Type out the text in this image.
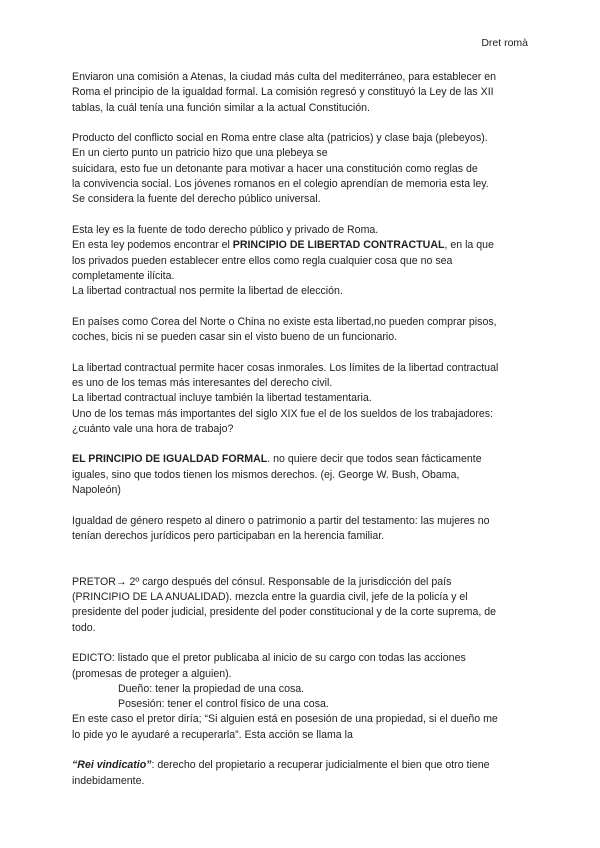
Dret romà

Enviaron una comisión a Atenas, la ciudad más culta del mediterráneo, para establecer en

Roma el principio de la igualdad formal. La comisión regresó y constituyó la Ley de las XII

tablas, la cuál tenía una función similar a la actual Constitución.

Producto del conflicto social en Roma entre clase alta (patricios) y clase baja (plebeyos).

En un cierto punto un patricio hizo que una plebeya se

suicidara, esto fue un detonante para motivar a hacer una constitución como reglas de

la convivencia social. Los jóvenes romanos en el colegio aprendían de memoria esta ley.

Se considera la fuente del derecho público universal.

Esta ley es la fuente de todo derecho público y privado de Roma.

En esta ley podemos encontrar el PRINCIPIO DE LIBERTAD CONTRACTUAL, en la que

los privados pueden establecer entre ellos como regla cualquier cosa que no sea

completamente ilícita.

La libertad contractual nos permite la libertad de elección.

En países como Corea del Norte o China no existe esta libertad,no pueden comprar pisos,

coches, bicis ni se pueden casar sin el visto bueno de un funcionario.

La libertad contractual permite hacer cosas inmorales. Los límites de la libertad contractual

es uno de los temas más interesantes del derecho civil.

La libertad contractual incluye también la libertad testamentaria.

Uno de los temas más importantes del siglo XIX fue el de los sueldos de los trabajadores:

¿cuánto vale una hora de trabajo?

EL PRINCIPIO DE IGUALDAD FORMAL. no quiere decir que todos sean fácticamente

iguales, sino que todos tienen los mismos derechos. (ej. George W. Bush, Obama,

Napoleón)

Igualdad de género respeto al dinero o patrimonio a partir del testamento: las mujeres no

tenían derechos jurídicos pero participaban en la herencia familiar.

PRETOR→ 2º cargo después del cónsul. Responsable de la jurisdicción del país

(PRINCIPIO DE LA ANUALIDAD). mezcla entre la guardia civil, jefe de la policía y el

presidente del poder judicial, presidente del poder constitucional y de la corte suprema, de

todo.

EDICTO: listado que el pretor publicaba al inicio de su cargo con todas las acciones

(promesas de proteger a alguien).

Dueño: tener la propiedad de una cosa.

Posesión: tener el control físico de una cosa.

En este caso el pretor diría; “Si alguien está en posesión de una propiedad, si el dueño me

lo pide yo le ayudaré a recuperarla”. Esta acción se llama la

“Rei vindicatio”: derecho del propietario a recuperar judicialmente el bien que otro tiene

indebidamente.
